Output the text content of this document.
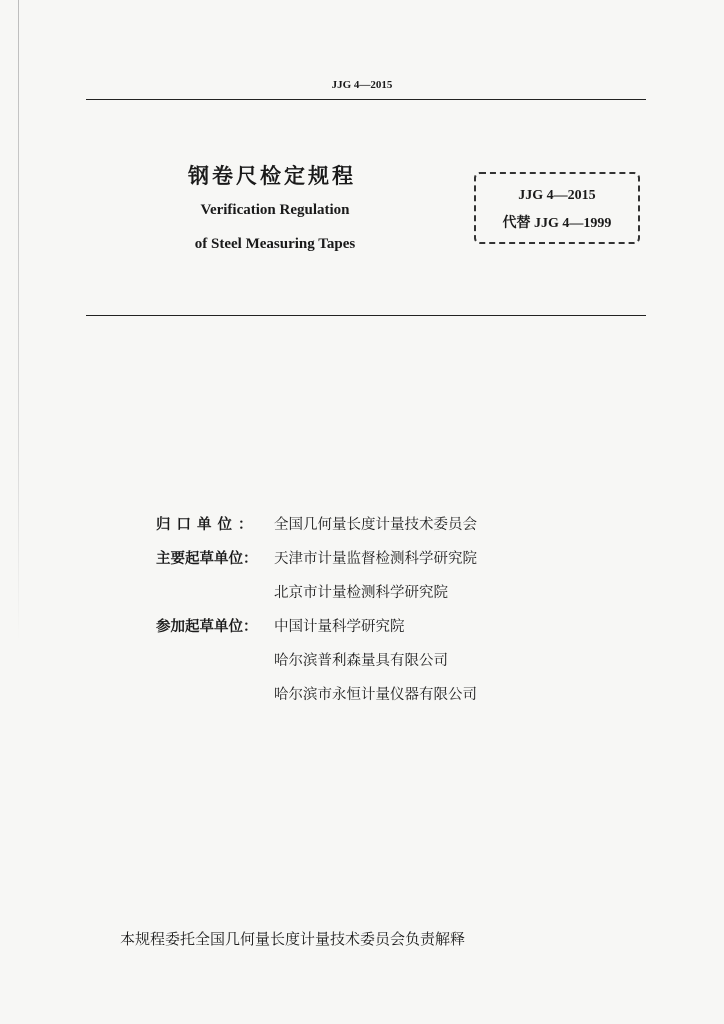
JJG 4—2015
钢卷尺检定规程
Verification Regulation
of Steel Measuring Tapes
JJG 4—2015
代替 JJG 4—1999
归口单位：	全国几何量长度计量技术委员会
主要起草单位：	天津市计量监督检测科学研究院
北京市计量检测科学研究院
参加起草单位：	中国计量科学研究院
哈尔滨普利森量具有限公司
哈尔滨市永恒计量仪器有限公司
本规程委托全国几何量长度计量技术委员会负责解释
